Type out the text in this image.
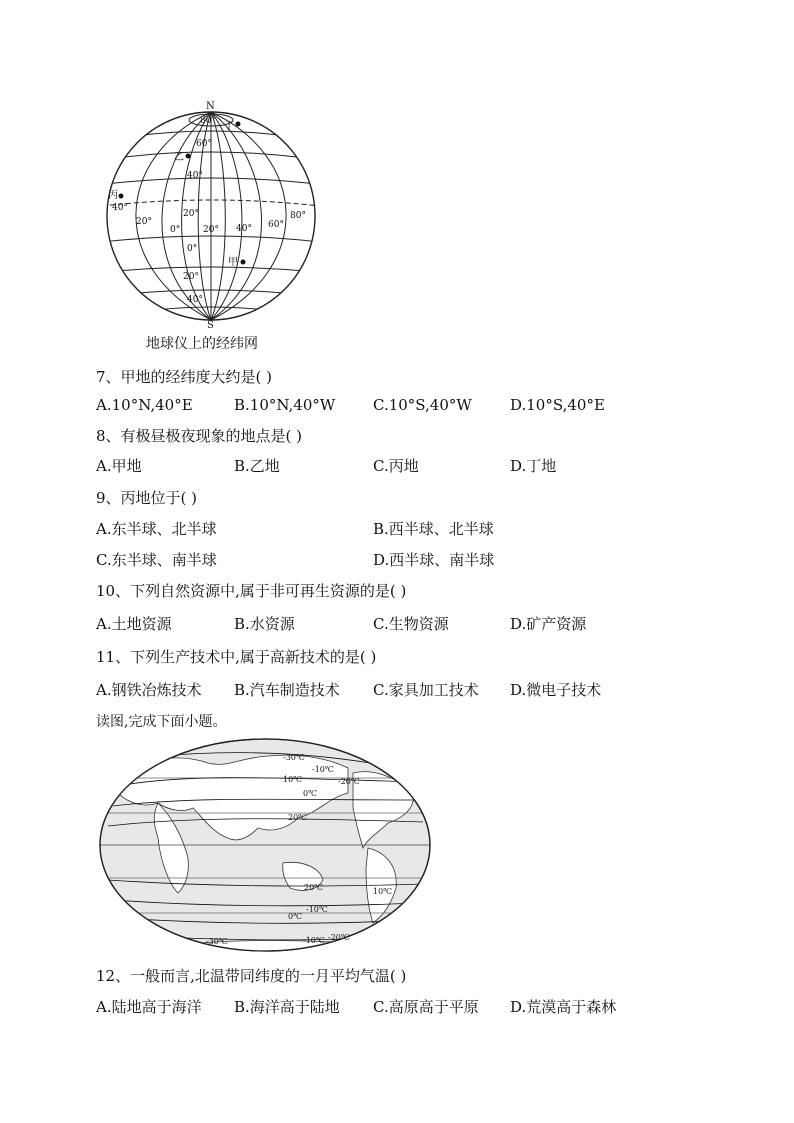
N
S
80°
60°
40°
20°
0°
20°
40°
40°
20°
0°	20° 40° 60°
80°
丁
乙
丙
甲
地球仪上的经纬网
7、甲地的经纬度大约是( )
A.10°N,40°E	B.10°N,40°W	C.10°S,40°W	D.10°S,40°E
8、有极昼极夜现象的地点是( )
A.甲地	B.乙地	C.丙地	D.丁地
9、丙地位于( )
A.东半球、北半球	B.西半球、北半球
C.东半球、南半球	D.西半球、南半球
10、下列自然资源中,属于非可再生资源的是( )
A.土地资源	B.水资源	C.生物资源	D.矿产资源
11、下列生产技术中,属于高新技术的是( )
A.钢铁冶炼技术 B.汽车制造技术 C.家具加工技术 D.微电子技术
读图,完成下面小题。
-30℃
-20℃
-10℃
10℃
0℃
20℃
20℃	10℃
0℃
-10℃
-20℃
-30℃	-10℃
12、一般而言,北温带同纬度的一月平均气温( )
A.陆地高于海洋 B.海洋高于陆地 C.高原高于平原 D.荒漠高于森林
